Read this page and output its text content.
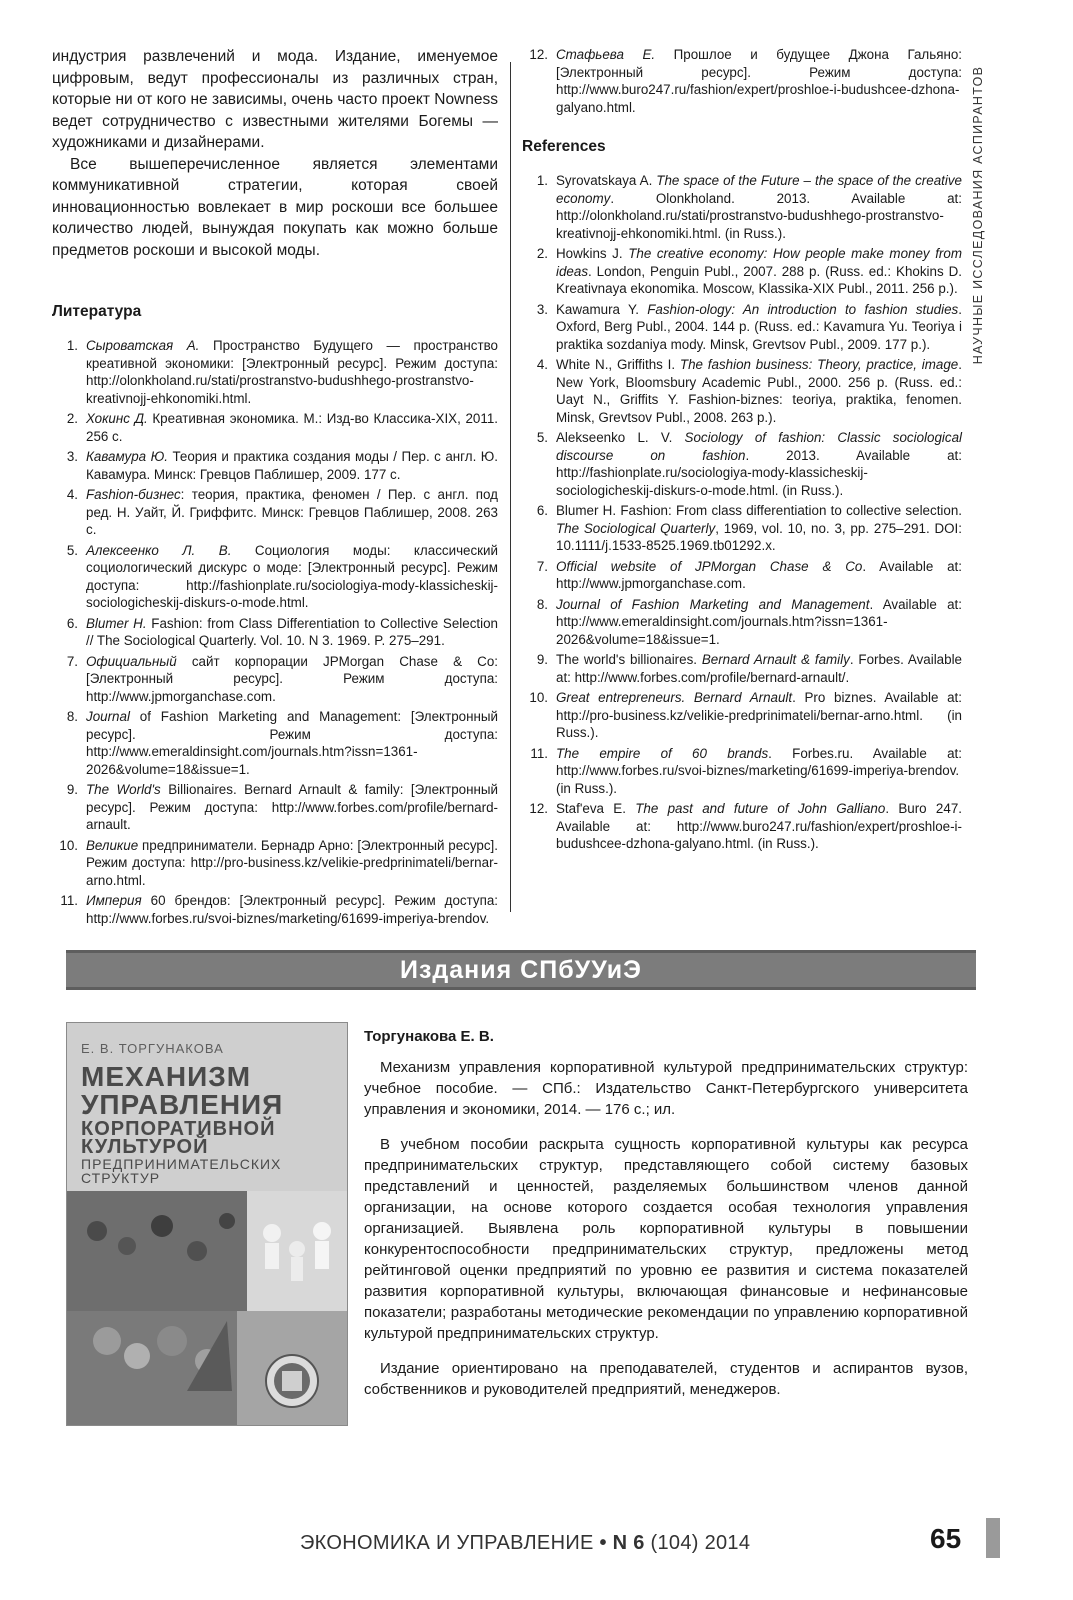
индустрия развлечений и мода. Издание, именуемое цифровым, ведут профессионалы из различных стран, которые ни от кого не зависимы, очень часто проект Nowness ведет сотрудничество с известными жителями Богемы — художниками и дизайнерами.

Все вышеперечисленное является элементами коммуникативной стратегии, которая своей инновационностью вовлекает в мир роскоши все большее количество людей, вынуждая покупать как можно больше предметов роскоши и высокой моды.

Литература
1. Сыроватская А. Пространство Будущего — пространство креативной экономики: [Электронный ресурс]. Режим доступа: http://olonkholand.ru/stati/prostranstvo-budushhego-prostranstvo-kreativnojj-ehkonomiki.html.
2. Хокинс Д. Креативная экономика. М.: Изд-во Классика-XIX, 2011. 256 с.
3. Кавамура Ю. Теория и практика создания моды / Пер. с англ. Ю. Кавамура. Минск: Гревцов Паблишер, 2009. 177 с.
4. Fashion-бизнес: теория, практика, феномен / Пер. с англ. под ред. Н. Уайт, Й. Гриффитс. Минск: Гревцов Паблишер, 2008. 263 с.
5. Алексеенко Л. В. Социология моды: классический социологический дискурс о моде: [Электронный ресурс]. Режим доступа: http://fashionplate.ru/sociologiya-mody-klassicheskij-sociologicheskij-diskurs-o-mode.html.
6. Blumer H. Fashion: from Class Differentiation to Collective Selection // The Sociological Quarterly. Vol. 10. N 3. 1969. P. 275–291.
7. Официальный сайт корпорации JPMorgan Chase & Co: [Электронный ресурс]. Режим доступа: http://www.jpmorganchase.com.
8. Journal of Fashion Marketing and Management: [Электронный ресурс]. Режим доступа: http://www.emeraldinsight.com/journals.htm?issn=1361-2026&volume=18&issue=1.
9. The World's Billionaires. Bernard Arnault & family: [Электронный ресурс]. Режим доступа: http://www.forbes.com/profile/bernard-arnault.
10. Великие предприниматели. Бернадр Арно: [Электронный ресурс]. Режим доступа: http://pro-business.kz/velikie-predprinimateli/bernar-arno.html.
11. Империя 60 брендов: [Электронный ресурс]. Режим доступа: http://www.forbes.ru/svoi-biznes/marketing/61699-imperiya-brendov.
12. Стафьева Е. Прошлое и будущее Джона Гальяно: [Электронный ресурс]. Режим доступа: http://www.buro247.ru/fashion/expert/proshloe-i-budushcee-dzhona-galyano.html.
References
1. Syrovatskaya A. The space of the Future – the space of the creative economy. Olonkholand. 2013. Available at: http://olonkholand.ru/stati/prostranstvo-budushhego-prostranstvo-kreativnojj-ehkonomiki.html. (in Russ.).
2. Howkins J. The creative economy: How people make money from ideas. London, Penguin Publ., 2007. 288 p. (Russ. ed.: Khokins D. Kreativnaya ekonomika. Moscow, Klassika-XIX Publ., 2011. 256 p.).
3. Kawamura Y. Fashion-ology: An introduction to fashion studies. Oxford, Berg Publ., 2004. 144 p. (Russ. ed.: Kavamura Yu. Teoriya i praktika sozdaniya mody. Minsk, Grevtsov Publ., 2009. 177 p.).
4. White N., Griffiths I. The fashion business: Theory, practice, image. New York, Bloomsbury Academic Publ., 2000. 256 p. (Russ. ed.: Uayt N., Griffits Y. Fashion-biznes: teoriya, praktika, fenomen. Minsk, Grevtsov Publ., 2008. 263 p.).
5. Alekseenko L. V. Sociology of fashion: Classic sociological discourse on fashion. 2013. Available at: http://fashionplate.ru/sociologiya-mody-klassicheskij-sociologicheskij-diskurs-o-mode.html. (in Russ.).
6. Blumer H. Fashion: From class differentiation to collective selection. The Sociological Quarterly, 1969, vol. 10, no. 3, pp. 275–291. DOI: 10.1111/j.1533-8525.1969.tb01292.x.
7. Official website of JPMorgan Chase & Co. Available at: http://www.jpmorganchase.com.
8. Journal of Fashion Marketing and Management. Available at: http://www.emeraldinsight.com/journals.htm?issn=1361-2026&volume=18&issue=1.
9. The world's billionaires. Bernard Arnault & family. Forbes. Available at: http://www.forbes.com/profile/bernard-arnault/.
10. Great entrepreneurs. Bernard Arnault. Pro biznes. Available at: http://pro-business.kz/velikie-predprinimateli/bernar-arno.html. (in Russ.).
11. The empire of 60 brands. Forbes.ru. Available at: http://www.forbes.ru/svoi-biznes/marketing/61699-imperiya-brendov. (in Russ.).
12. Staf'eva E. The past and future of John Galliano. Buro 247. Available at: http://www.buro247.ru/fashion/expert/proshloe-i-budushcee-dzhona-galyano.html. (in Russ.).
НАУЧНЫЕ ИССЛЕДОВАНИЯ АСПИРАНТОВ
Издания СПбУУиЭ
Е. В. ТОРГУНАКОВА
МЕХАНИЗМ
УПРАВЛЕНИЯ
КОРПОРАТИВНОЙ
КУЛЬТУРОЙ
ПРЕДПРИНИМАТЕЛЬСКИХ
СТРУКТУР
Торгунакова Е. В.

Механизм управления корпоративной культурой предпринимательских структур: учебное пособие. — СПб.: Издательство Санкт-Петербургского университета управления и экономики, 2014. — 176 с.; ил.

В учебном пособии раскрыта сущность корпоративной культуры как ресурса предпринимательских структур, представляющего собой систему базовых представлений и ценностей, разделяемых большинством членов данной организации, на основе которого создается особая технология управления организацией. Выявлена роль корпоративной культуры в повышении конкурентоспособности предпринимательских структур, предложены метод рейтинговой оценки предприятий по уровню ее развития и система показателей развития корпоративной культуры, включающая финансовые и нефинансовые показатели; разработаны методические рекомендации по управлению корпоративной культурой предпринимательских структур.

Издание ориентировано на преподавателей, студентов и аспирантов вузов, собственников и руководителей предприятий, менеджеров.

ЭКОНОМИКА И УПРАВЛЕНИЕ • N 6 (104) 2014	65
